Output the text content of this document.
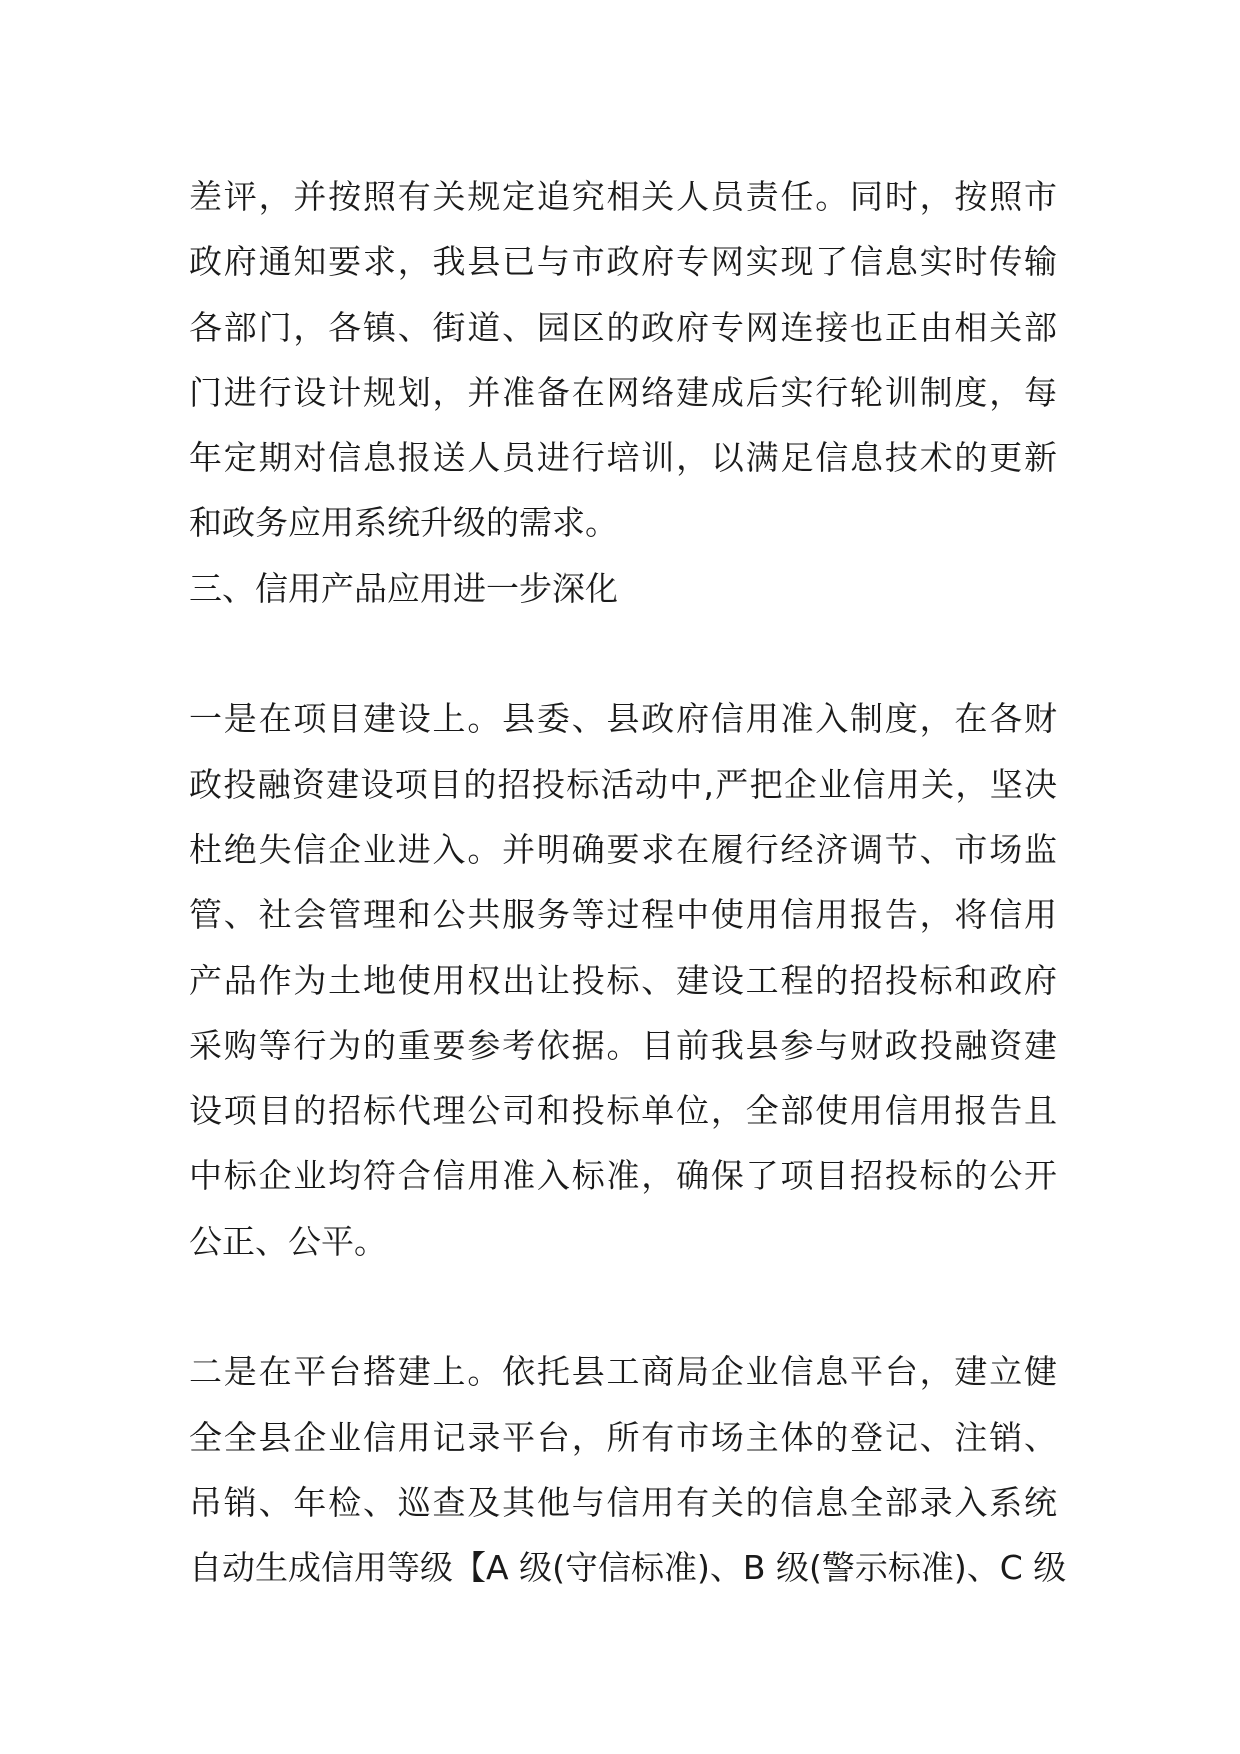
差评，并按照有关规定追究相关人员责任。同时，按照市
政府通知要求，我县已与市政府专网实现了信息实时传输
各部门，各镇、街道、园区的政府专网连接也正由相关部
门进行设计规划，并准备在网络建成后实行轮训制度，每
年定期对信息报送人员进行培训，以满足信息技术的更新
和政务应用系统升级的需求。
三、信用产品应用进一步深化
一是在项目建设上。县委、县政府信用准入制度，在各财
政投融资建设项目的招投标活动中,严把企业信用关，坚决
杜绝失信企业进入。并明确要求在履行经济调节、市场监
管、社会管理和公共服务等过程中使用信用报告，将信用
产品作为土地使用权出让投标、建设工程的招投标和政府
采购等行为的重要参考依据。目前我县参与财政投融资建
设项目的招标代理公司和投标单位，全部使用信用报告且
中标企业均符合信用准入标准，确保了项目招投标的公开
公正、公平。
二是在平台搭建上。依托县工商局企业信息平台，建立健
全全县企业信用记录平台，所有市场主体的登记、注销、
吊销、年检、巡查及其他与信用有关的信息全部录入系统
自动生成信用等级【A 级(守信标准)、B 级(警示标准)、C 级
